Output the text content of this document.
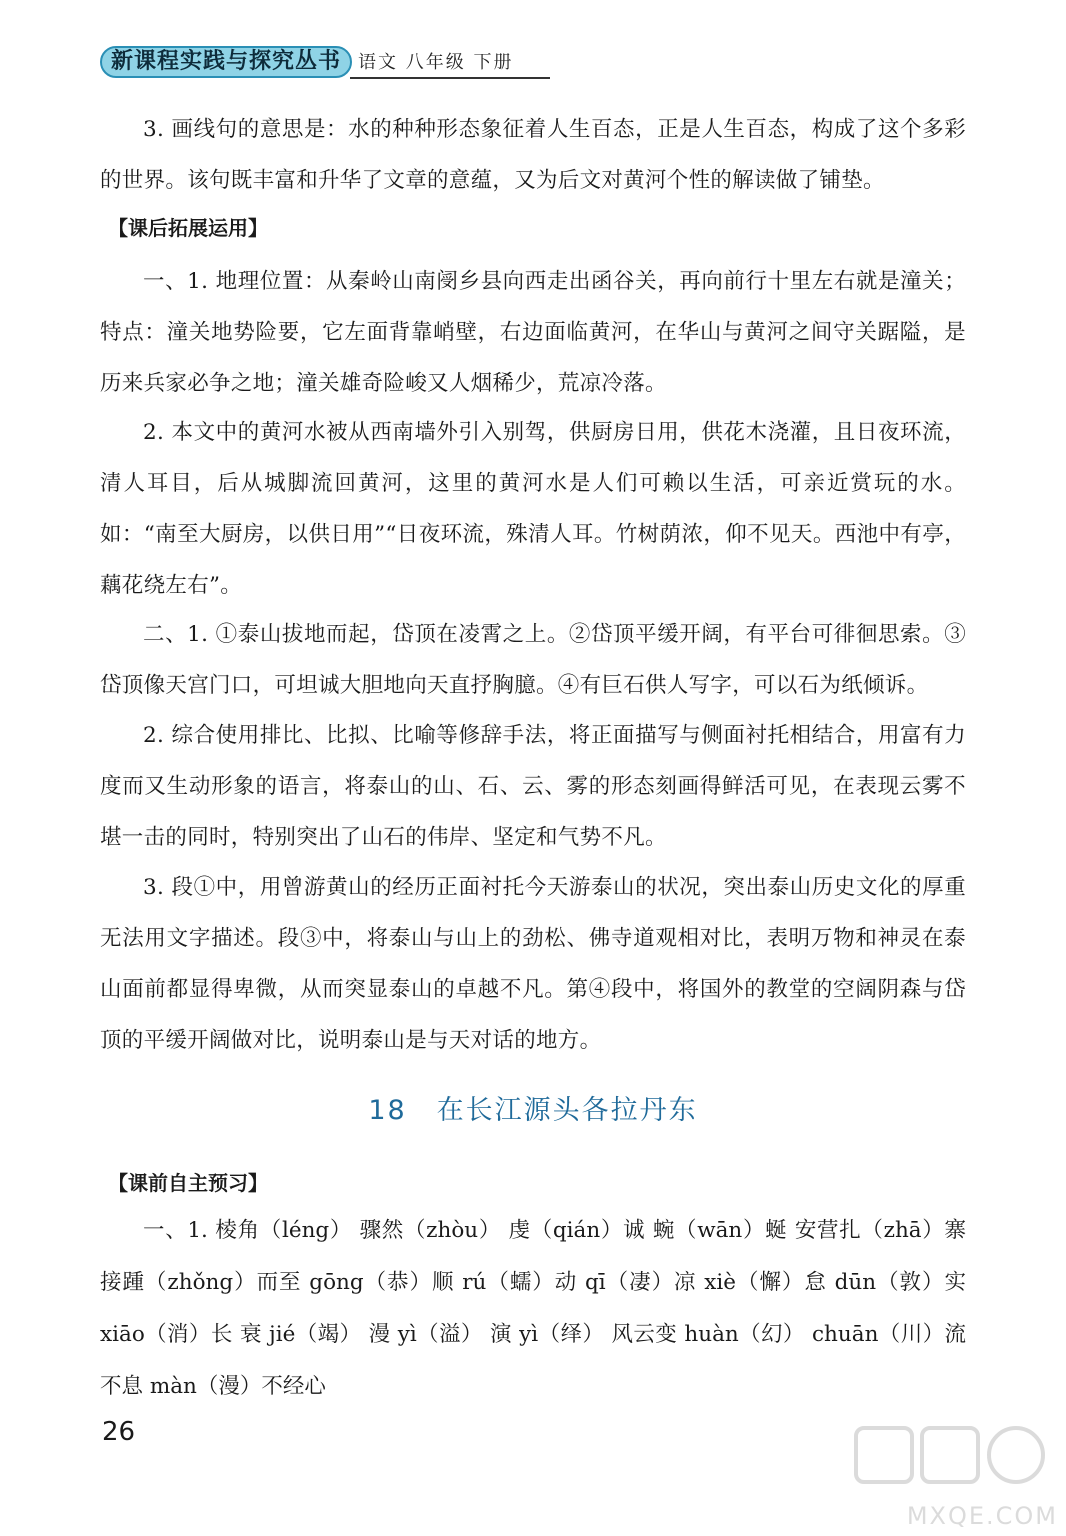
新课程实践与探究丛书 语文 八年级 下册

3. 画线句的意思是：水的种种形态象征着人生百态，正是人生百态，构成了这个多彩的世界。该句既丰富和升华了文章的意蕴，又为后文对黄河个性的解读做了铺垫。

【课后拓展运用】

一、1. 地理位置：从秦岭山南阌乡县向西走出函谷关，再向前行十里左右就是潼关；特点：潼关地势险要，它左面背靠峭壁，右边面临黄河，在华山与黄河之间守关踞隘，是历来兵家必争之地；潼关雄奇险峻又人烟稀少，荒凉冷落。

2. 本文中的黄河水被从西南墙外引入别驾，供厨房日用，供花木浇灌，且日夜环流，清人耳目，后从城脚流回黄河，这里的黄河水是人们可赖以生活，可亲近赏玩的水。如：“南至大厨房，以供日用”“日夜环流，殊清人耳。竹树荫浓，仰不见天。西池中有亭，藕花绕左右”。

二、1. ①泰山拔地而起，岱顶在凌霄之上。②岱顶平缓开阔，有平台可徘徊思索。③岱顶像天宫门口，可坦诚大胆地向天直抒胸臆。④有巨石供人写字，可以石为纸倾诉。

2. 综合使用排比、比拟、比喻等修辞手法，将正面描写与侧面衬托相结合，用富有力度而又生动形象的语言，将泰山的山、石、云、雾的形态刻画得鲜活可见，在表现云雾不堪一击的同时，特别突出了山石的伟岸、坚定和气势不凡。

3. 段①中，用曾游黄山的经历正面衬托今天游泰山的状况，突出泰山历史文化的厚重无法用文字描述。段③中，将泰山与山上的劲松、佛寺道观相对比，表明万物和神灵在泰山面前都显得卑微，从而突显泰山的卓越不凡。第④段中，将国外的教堂的空阔阴森与岱顶的平缓开阔做对比，说明泰山是与天对话的地方。

18 在长江源头各拉丹东
【课前自主预习】

一、1. 棱角（léng） 骤然（zhòu） 虔（qián）诚 蜿（wān）蜒 安营扎（zhā）寨 接踵（zhǒng）而至 gōng（恭）顺 rú（蠕）动 qī（凄）凉 xiè（懈）怠 dūn（敦）实 xiāo（消）长 衰 jié（竭） 漫 yì（溢） 演 yì（绎） 风云变 huàn（幻） chuān（川）流不息 màn（漫）不经心

26
MXQE.COM
